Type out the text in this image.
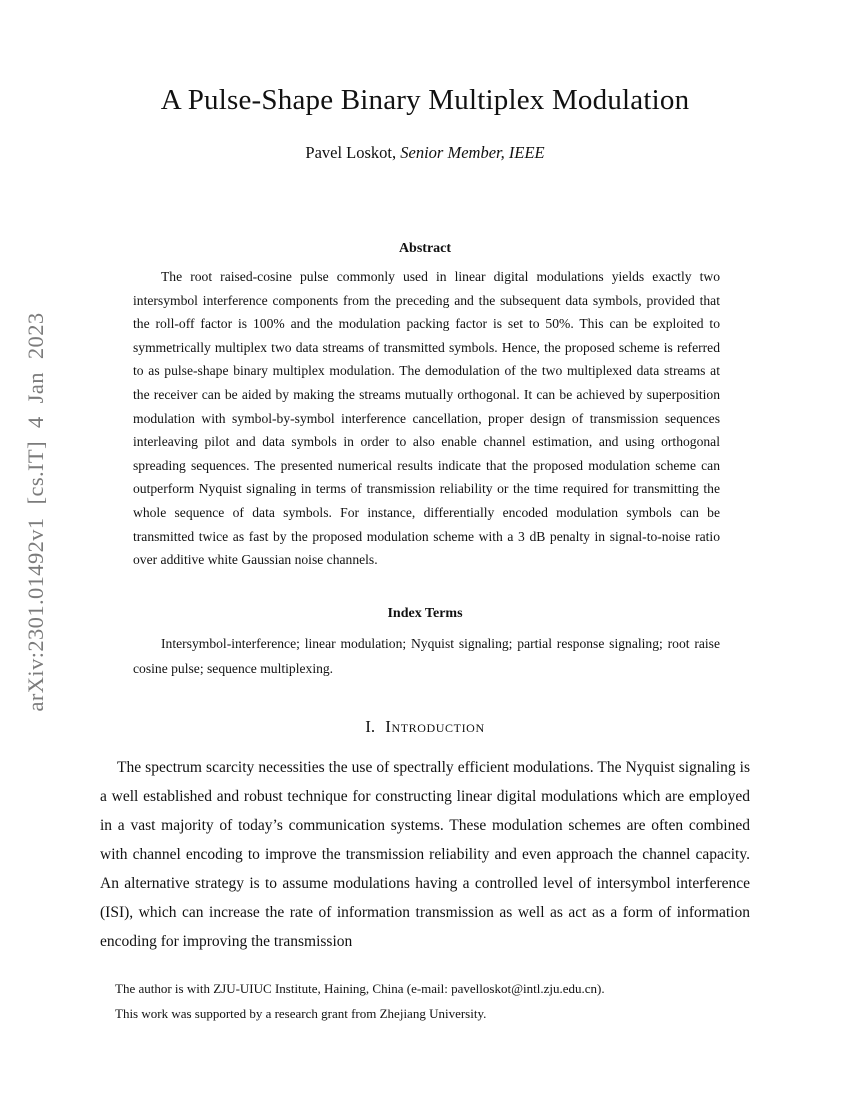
arXiv:2301.01492v1 [cs.IT] 4 Jan 2023
A Pulse-Shape Binary Multiplex Modulation
Pavel Loskot, Senior Member, IEEE
Abstract

The root raised-cosine pulse commonly used in linear digital modulations yields exactly two intersymbol interference components from the preceding and the subsequent data symbols, provided that the roll-off factor is 100% and the modulation packing factor is set to 50%. This can be exploited to symmetrically multiplex two data streams of transmitted symbols. Hence, the proposed scheme is referred to as pulse-shape binary multiplex modulation. The demodulation of the two multiplexed data streams at the receiver can be aided by making the streams mutually orthogonal. It can be achieved by superposition modulation with symbol-by-symbol interference cancellation, proper design of transmission sequences interleaving pilot and data symbols in order to also enable channel estimation, and using orthogonal spreading sequences. The presented numerical results indicate that the proposed modulation scheme can outperform Nyquist signaling in terms of transmission reliability or the time required for transmitting the whole sequence of data symbols. For instance, differentially encoded modulation symbols can be transmitted twice as fast by the proposed modulation scheme with a 3 dB penalty in signal-to-noise ratio over additive white Gaussian noise channels.

Index Terms

Intersymbol-interference; linear modulation; Nyquist signaling; partial response signaling; root raise cosine pulse; sequence multiplexing.

I. Introduction

The spectrum scarcity necessities the use of spectrally efficient modulations. The Nyquist signaling is a well established and robust technique for constructing linear digital modulations which are employed in a vast majority of today’s communication systems. These modulation schemes are often combined with channel encoding to improve the transmission reliability and even approach the channel capacity. An alternative strategy is to assume modulations having a controlled level of intersymbol interference (ISI), which can increase the rate of information transmission as well as act as a form of information encoding for improving the transmission

The author is with ZJU-UIUC Institute, Haining, China (e-mail: pavelloskot@intl.zju.edu.cn).

This work was supported by a research grant from Zhejiang University.
